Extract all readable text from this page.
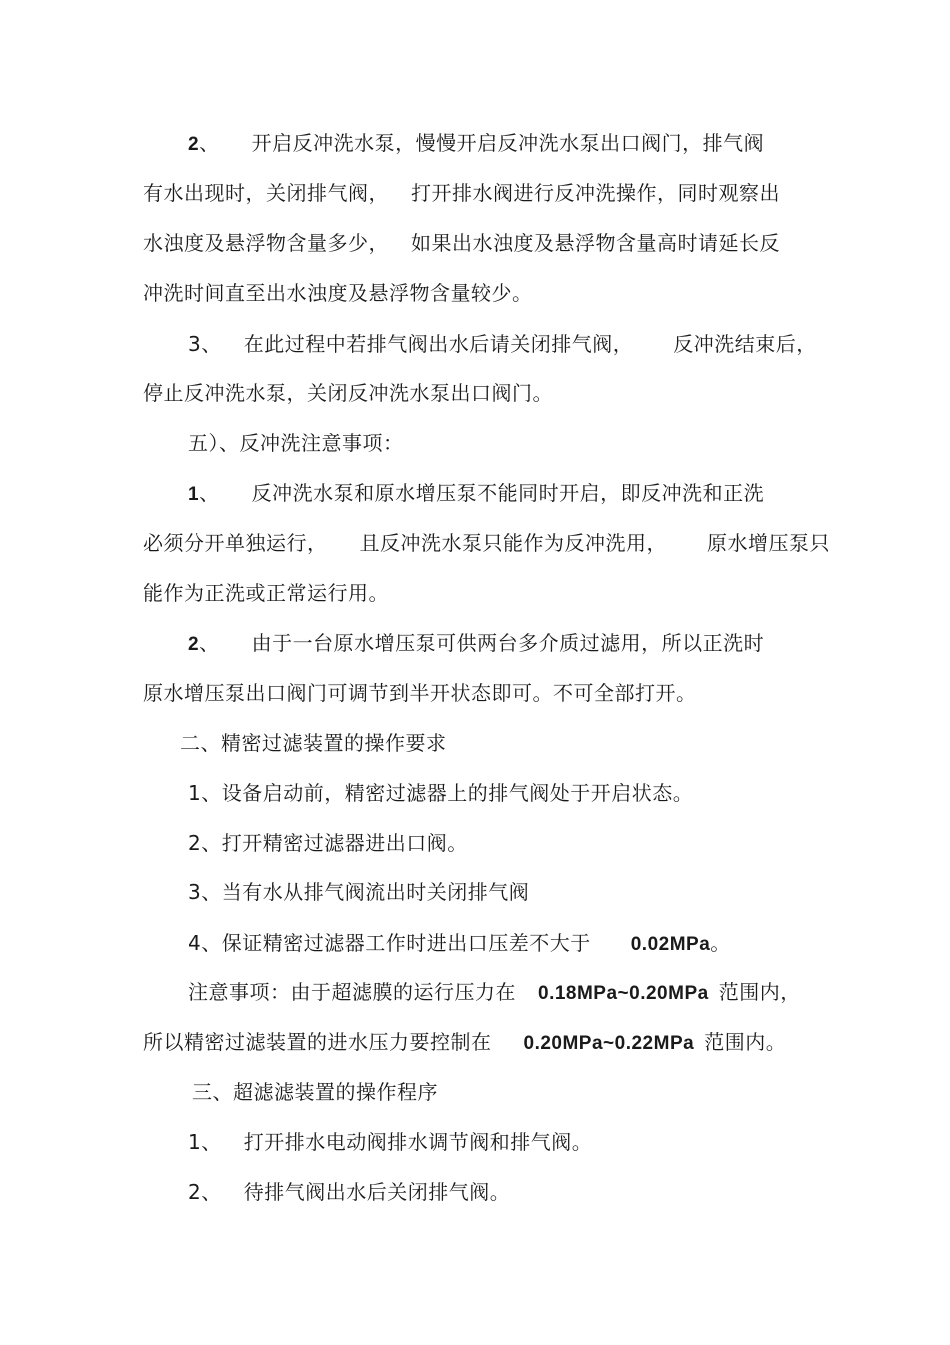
2、 开启反冲洗水泵，慢慢开启反冲洗水泵出口阀门，排气阀
有水出现时，关闭排气阀， 打开排水阀进行反冲洗操作，同时观察出
水浊度及悬浮物含量多少， 如果出水浊度及悬浮物含量高时请延长反
冲洗时间直至出水浊度及悬浮物含量较少。
3、 在此过程中若排气阀出水后请关闭排气阀， 反冲洗结束后，
停止反冲洗水泵，关闭反冲洗水泵出口阀门。
五）、反冲洗注意事项：
1、 反冲洗水泵和原水增压泵不能同时开启，即反冲洗和正洗
必须分开单独运行， 且反冲洗水泵只能作为反冲洗用， 原水增压泵只
能作为正洗或正常运行用。
2、 由于一台原水增压泵可供两台多介质过滤用，所以正洗时
原水增压泵出口阀门可调节到半开状态即可。不可全部打开。
二、精密过滤装置的操作要求
1、设备启动前，精密过滤器上的排气阀处于开启状态。
2、打开精密过滤器进出口阀。
3、当有水从排气阀流出时关闭排气阀
4、保证精密过滤器工作时进出口压差不大于 0.02MPa。
注意事项：由于超滤膜的运行压力在 0.18MPa~0.20MPa 范围内，
所以精密过滤装置的进水压力要控制在 0.20MPa~0.22MPa 范围内。
三、超滤滤装置的操作程序
1、 打开排水电动阀排水调节阀和排气阀。
2、 待排气阀出水后关闭排气阀。
